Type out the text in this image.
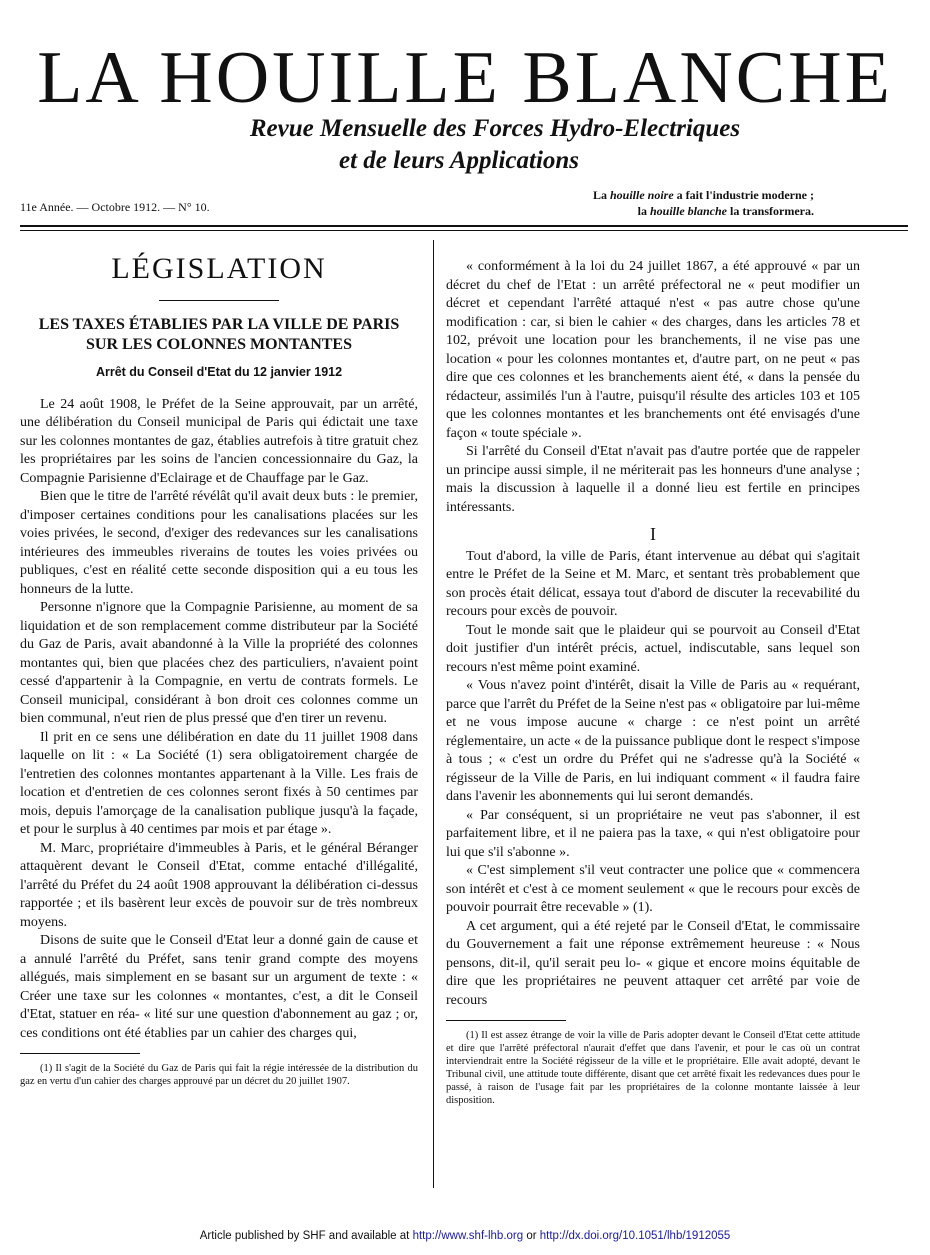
LA HOUILLE BLANCHE
Revue Mensuelle des Forces Hydro-Electriques
et de leurs Applications
11e Année. — Octobre 1912. — N° 10.
La houille noire a fait l'industrie moderne ;
la houille blanche la transformera.
LÉGISLATION
LES TAXES ÉTABLIES PAR LA VILLE DE PARIS
SUR LES COLONNES MONTANTES
Arrêt du Conseil d'Etat du 12 janvier 1912

Le 24 août 1908, le Préfet de la Seine approuvait, par un arrêté, une délibération du Conseil municipal de Paris qui édictait une taxe sur les colonnes montantes de gaz, établies autrefois à titre gratuit chez les propriétaires par les soins de l'ancien concessionnaire du Gaz, la Compagnie Parisienne d'Eclairage et de Chauffage par le Gaz.

Bien que le titre de l'arrêté révélât qu'il avait deux buts : le premier, d'imposer certaines conditions pour les canalisations placées sur les voies privées, le second, d'exiger des redevances sur les canalisations intérieures des immeubles riverains de toutes les voies privées ou publiques, c'est en réalité cette seconde disposition qui a eu tous les honneurs de la lutte.

Personne n'ignore que la Compagnie Parisienne, au moment de sa liquidation et de son remplacement comme distributeur par la Société du Gaz de Paris, avait abandonné à la Ville la propriété des colonnes montantes qui, bien que placées chez des particuliers, n'avaient point cessé d'appartenir à la Compagnie, en vertu de contrats formels. Le Conseil municipal, considérant à bon droit ces colonnes comme un bien communal, n'eut rien de plus pressé que d'en tirer un revenu.

Il prit en ce sens une délibération en date du 11 juillet 1908 dans laquelle on lit : « La Société (1) sera obligatoirement chargée de l'entretien des colonnes montantes appartenant à la Ville. Les frais de location et d'entretien de ces colonnes seront fixés à 50 centimes par mois, depuis l'amorçage de la canalisation publique jusqu'à la façade, et pour le surplus à 40 centimes par mois et par étage ».

M. Marc, propriétaire d'immeubles à Paris, et le général Béranger attaquèrent devant le Conseil d'Etat, comme entaché d'illégalité, l'arrêté du Préfet du 24 août 1908 approuvant la délibération ci-dessus rapportée ; et ils basèrent leur excès de pouvoir sur de très nombreux moyens.

Disons de suite que le Conseil d'Etat leur a donné gain de cause et a annulé l'arrêté du Préfet, sans tenir grand compte des moyens allégués, mais simplement en se basant sur un argument de texte : « Créer une taxe sur les colonnes « montantes, c'est, a dit le Conseil d'Etat, statuer en réa- « lité sur une question d'abonnement au gaz ; or, ces conditions ont été établies par un cahier des charges qui,

(1) Il s'agit de la Société du Gaz de Paris qui fait la régie intéressée de la distribution du gaz en vertu d'un cahier des charges approuvé par un décret du 20 juillet 1907.

« conformément à la loi du 24 juillet 1867, a été approuvé « par un décret du chef de l'Etat : un arrêté préfectoral ne « peut modifier un décret et cependant l'arrêté attaqué n'est « pas autre chose qu'une modification : car, si bien le cahier « des charges, dans les articles 78 et 102, prévoit une location pour les branchements, il ne vise pas une location « pour les colonnes montantes et, d'autre part, on ne peut « pas dire que ces colonnes et les branchements aient été, « dans la pensée du rédacteur, assimilés l'un à l'autre, puisqu'il résulte des articles 103 et 105 que les colonnes montantes et les branchements ont été envisagés d'une façon « toute spéciale ».

Si l'arrêté du Conseil d'Etat n'avait pas d'autre portée que de rappeler un principe aussi simple, il ne mériterait pas les honneurs d'une analyse ; mais la discussion à laquelle il a donné lieu est fertile en principes intéressants.

I

Tout d'abord, la ville de Paris, étant intervenue au débat qui s'agitait entre le Préfet de la Seine et M. Marc, et sentant très probablement que son procès était délicat, essaya tout d'abord de discuter la recevabilité du recours pour excès de pouvoir.

Tout le monde sait que le plaideur qui se pourvoit au Conseil d'Etat doit justifier d'un intérêt précis, actuel, indiscutable, sans lequel son recours n'est même point examiné.

« Vous n'avez point d'intérêt, disait la Ville de Paris au « requérant, parce que l'arrêt du Préfet de la Seine n'est pas « obligatoire par lui-même et ne vous impose aucune « charge : ce n'est point un arrêté réglementaire, un acte « de la puissance publique dont le respect s'impose à tous ; « c'est un ordre du Préfet qui ne s'adresse qu'à la Société « régisseur de la Ville de Paris, en lui indiquant comment « il faudra faire dans l'avenir les abonnements qui lui seront demandés.

« Par conséquent, si un propriétaire ne veut pas s'abonner, il est parfaitement libre, et il ne paiera pas la taxe, « qui n'est obligatoire pour lui que s'il s'abonne ».

« C'est simplement s'il veut contracter une police que « commencera son intérêt et c'est à ce moment seulement « que le recours pour excès de pouvoir pourrait être recevable » (1).

A cet argument, qui a été rejeté par le Conseil d'Etat, le commissaire du Gouvernement a fait une réponse extrêmement heureuse : « Nous pensons, dit-il, qu'il serait peu lo- « gique et encore moins équitable de dire que les propriétaires ne peuvent attaquer cet arrêté par voie de recours

(1) Il est assez étrange de voir la ville de Paris adopter devant le Conseil d'Etat cette attitude et dire que l'arrêté préfectoral n'aurait d'effet que dans l'avenir, et pour le cas où un contrat interviendrait entre la Société régisseur de la ville et le propriétaire. Elle avait adopté, devant le Tribunal civil, une attitude toute différente, disant que cet arrêté fixait les redevances dues pour le passé, à raison de l'usage fait par les propriétaires de la colonne montante laissée à leur disposition.

Article published by SHF and available at http://www.shf-lhb.org or http://dx.doi.org/10.1051/lhb/1912055
